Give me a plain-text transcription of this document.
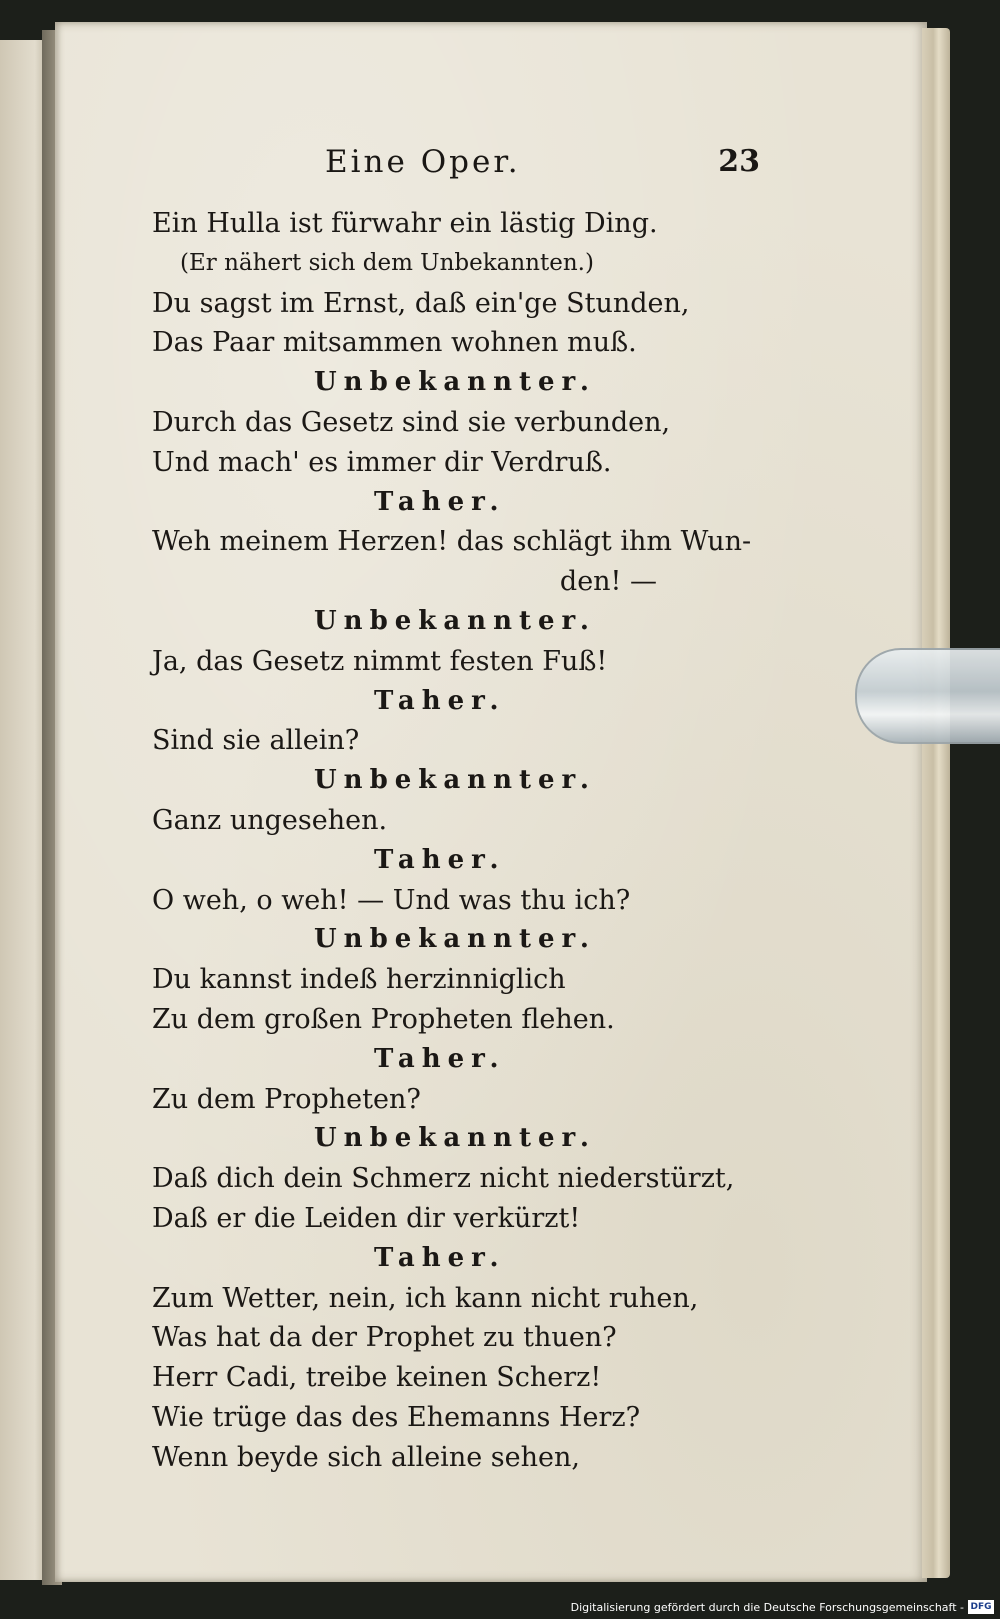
Eine Oper.	23
Ein Hulla ist fürwahr ein lästig Ding.
(Er nähert sich dem Unbekannten.)
Du sagst im Ernst, daß ein'ge Stunden,
Das Paar mitsammen wohnen muß.
Unbekannter.
Durch das Gesetz sind sie verbunden,
Und mach' es immer dir Verdruß.
Taher.
Weh meinem Herzen! das schlägt ihm Wun-
den! —
Unbekannter.
Ja, das Gesetz nimmt festen Fuß!
Taher.
Sind sie allein?
Unbekannter.
Ganz ungesehen.
Taher.
O weh, o weh! — Und was thu ich?
Unbekannter.
Du kannst indeß herzinniglich
Zu dem großen Propheten flehen.
Taher.
Zu dem Propheten?
Unbekannter.
Daß dich dein Schmerz nicht niederstürzt,
Daß er die Leiden dir verkürzt!
Taher.
Zum Wetter, nein, ich kann nicht ruhen,
Was hat da der Prophet zu thuen?
Herr Cadi, treibe keinen Scherz!
Wie trüge das des Ehemanns Herz?
Wenn beyde sich alleine sehen,
Digitalisierung gefördert durch die Deutsche Forschungsgemeinschaft - DFG
